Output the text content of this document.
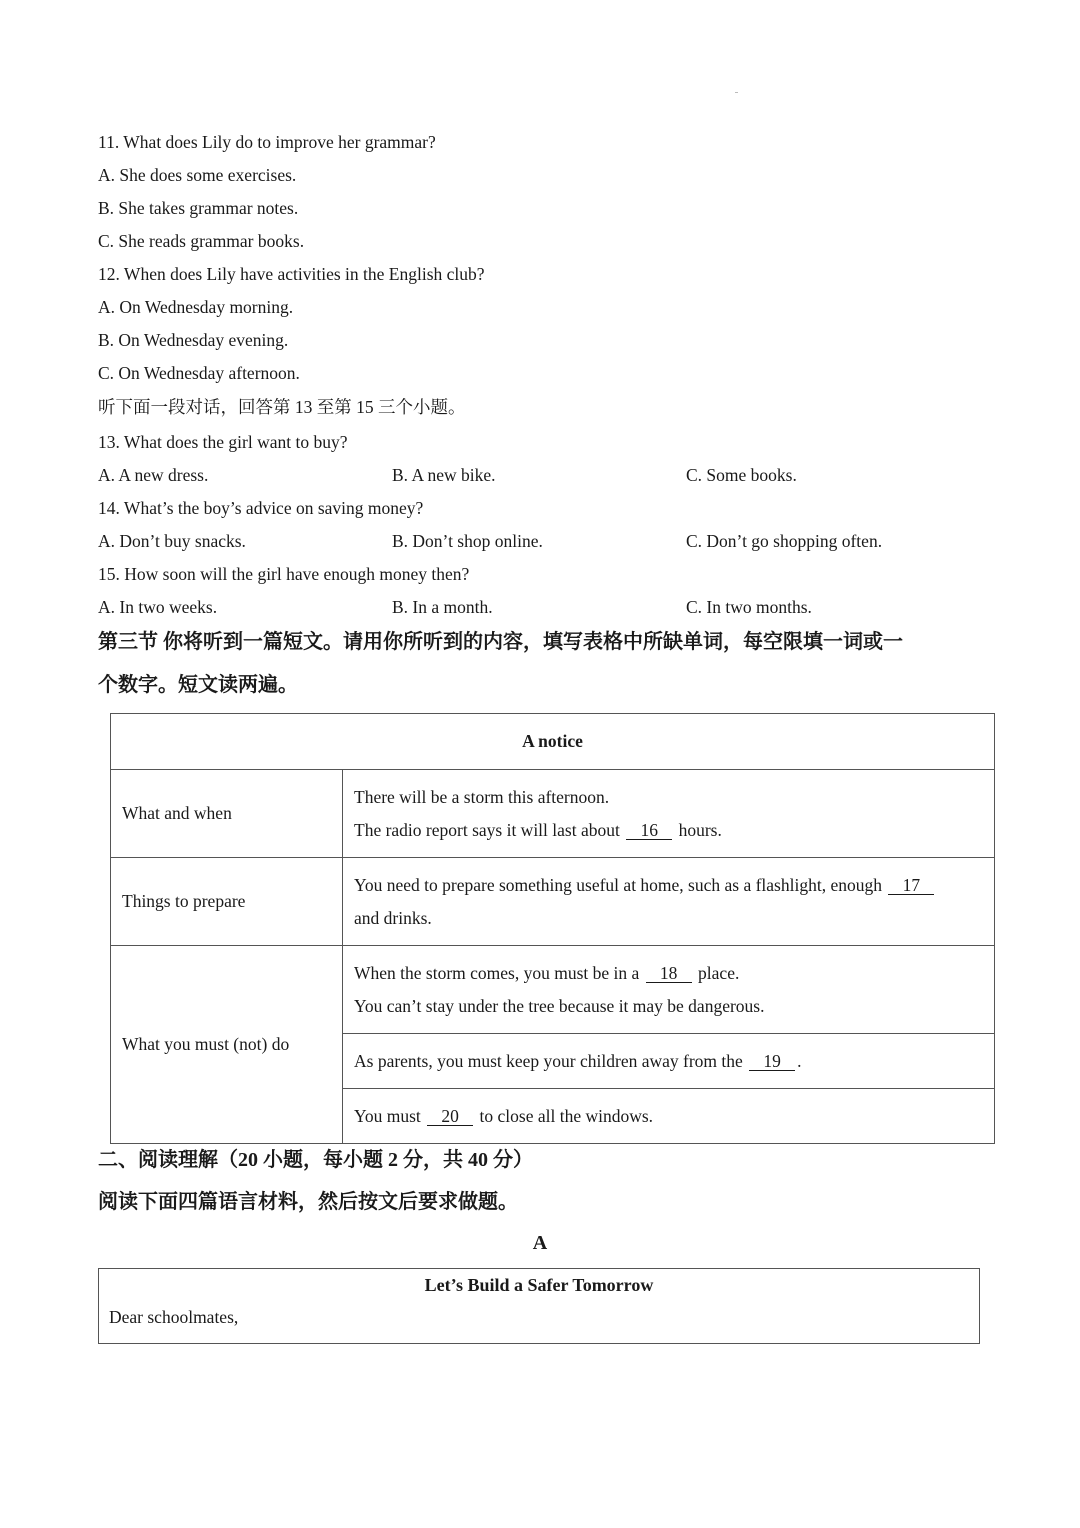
11. What does Lily do to improve her grammar?
A. She does some exercises.
B. She takes grammar notes.
C. She reads grammar books.
12. When does Lily have activities in the English club?
A. On Wednesday morning.
B. On Wednesday evening.
C. On Wednesday afternoon.
听下面一段对话，回答第 13 至第 15 三个小题。
13. What does the girl want to buy?
A. A new dress.	B. A new bike.	C. Some books.
14. What’s the boy’s advice on saving money?
A. Don’t buy snacks.	B. Don’t shop online.	C. Don’t go shopping often.
15. How soon will the girl have enough money then?
A. In two weeks.	B. In a month.	C. In two months.
第三节 你将听到一篇短文。请用你所听到的内容，填写表格中所缺单词，每空限填一词或一
个数字。短文读两遍。
A notice	
What and when	There will be a storm this afternoon.

The radio report says it will last about 16 hours.

Things to prepare	You need to prepare something useful at home, such as a flashlight, enough 17

and drinks.

What you must (not) do	When the storm comes, you must be in a 18 place.

You can’t stay under the tree because it may be dangerous.

	As parents, you must keep your children away from the 19 .

	You must 20 to close all the windows.

二、阅读理解（20 小题，每小题 2 分，共 40 分）
阅读下面四篇语言材料，然后按文后要求做题。
A
Let’s Build a Safer Tomorrow
Dear schoolmates,
